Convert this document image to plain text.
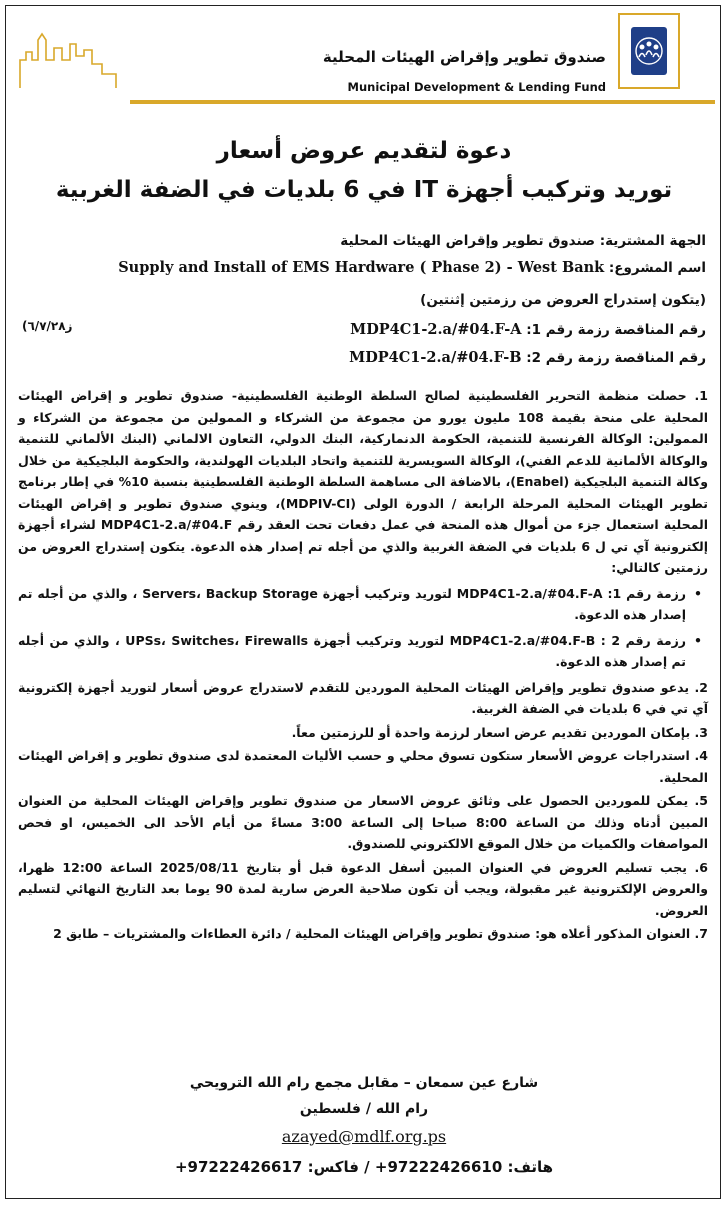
صندوق تطوير وإقراض الهيئات المحلية
Municipal Development & Lending Fund
دعوة لتقديم عروض أسعار
توريد وتركيب أجهزة IT في 6 بلديات في الضفة الغربية
الجهة المشترية: صندوق تطوير وإقراض الهيئات المحلية
اسم المشروع: Supply and Install of EMS Hardware ( Phase 2) - West Bank
(يتكون إستدراج العروض من رزمتين إثنتين)
رقم المناقصة رزمة رقم 1: MDP4C1-2.a/#04.F-A
رقم المناقصة رزمة رقم 2: MDP4C1-2.a/#04.F-B
ز٦/٧/٢٨)

1. حصلت منظمة التحرير الفلسطينية لصالح السلطة الوطنية الفلسطينية- صندوق تطوير و إقراض الهيئات المحلية على منحة بقيمة 108 مليون يورو من مجموعة من الشركاء و الممولين من مجموعة من الشركاء و الممولين: الوكالة الفرنسية للتنمية، الحكومة الدنماركية، البنك الدولي، التعاون الالماني (البنك الألماني للتنمية والوكالة الألمانية للدعم الفني)، الوكالة السويسرية للتنمية واتحاد البلديات الهولندية، والحكومة البلجيكية من خلال وكالة التنمية البلجيكية (Enabel)، بالاضافة الى مساهمة السلطة الوطنية الفلسطينية بنسبة 10% في إطار برنامج تطوير الهيئات المحلية المرحلة الرابعة / الدورة الولى (MDPIV-CI)، وينوي صندوق تطوير و إقراض الهيئات المحلية استعمال جزء من أموال هذه المنحة في عمل دفعات تحت العقد رقم MDP4C1-2.a/#04.F لشراء أجهزة إلكترونية آي تي ل 6 بلديات في الضفة الغربية والذي من أجله تم إصدار هذه الدعوة. يتكون إستدراج العروض من رزمتين كالتالي:

•
رزمة رقم 1: MDP4C1-2.a/#04.F-A لتوريد وتركيب أجهزة Servers، Backup Storage ، والذي من أجله تم إصدار هذه الدعوة.

•
رزمة رقم 2 : MDP4C1-2.a/#04.F-B لتوريد وتركيب أجهزة UPSs، Switches، Firewalls ، والذي من أجله تم إصدار هذه الدعوة.

2. يدعو صندوق تطوير وإقراض الهيئات المحلية الموردين للتقدم لاستدراج عروض أسعار لتوريد أجهزة إلكترونية آي تي في 6 بلديات في الضفة الغربية.

3. بإمكان الموردين تقديم عرض اسعار لرزمة واحدة أو للرزمتين معاً.

4. استدراجات عروض الأسعار ستكون تسوق محلي و حسب الأليات المعتمدة لدى صندوق تطوير و إقراض الهيئات المحلية.

5. يمكن للموردين الحصول على وثائق عروض الاسعار من صندوق تطوير وإقراض الهيئات المحلية من العنوان المبين أدناه وذلك من الساعة 8:00 صباحا إلى الساعة 3:00 مساءً من أيام الأحد الى الخميس، او فحص المواصفات والكميات من خلال الموقع الالكتروني للصندوق.

6. يجب تسليم العروض في العنوان المبين أسفل الدعوة قبل أو بتاريخ 2025/08/11 الساعة 12:00 ظهرا، والعروض الإلكترونية غير مقبولة، ويجب أن تكون صلاحية العرض سارية لمدة 90 يوما بعد التاريخ النهائي لتسليم العروض.

7. العنوان المذكور أعلاه هو: صندوق تطوير وإقراض الهيئات المحلية / دائرة العطاءات والمشتريات – طابق 2

شارع عين سمعان – مقابل مجمع رام الله الترويحي
رام الله / فلسطين
azayed@mdlf.org.ps
هاتف: 97222426610+ / فاكس: 97222426617+
